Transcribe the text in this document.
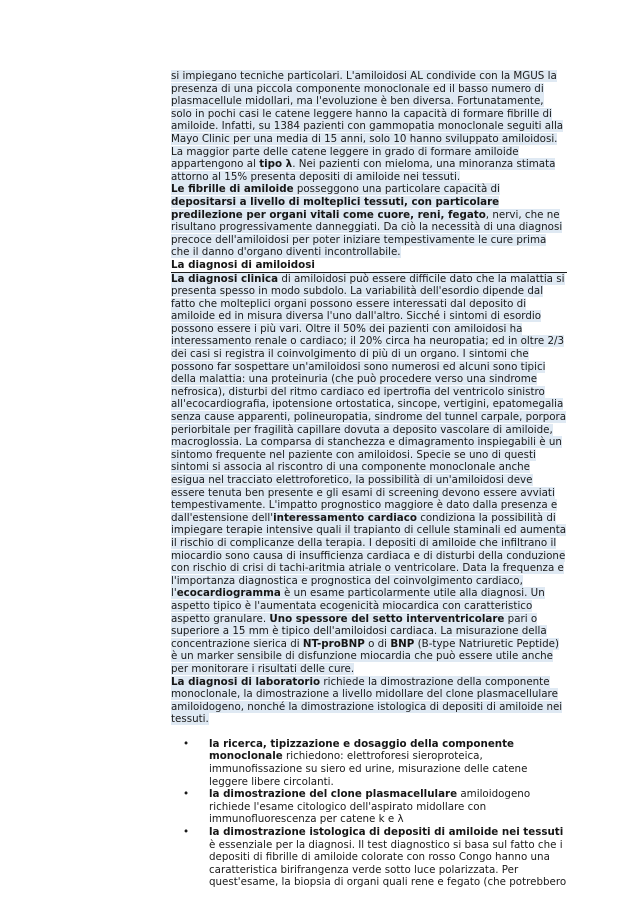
si impiegano tecniche particolari. L'amiloidosi AL condivide con la MGUS la presenza di una piccola componente monoclonale ed il basso numero di plasmacellule midollari, ma l'evoluzione è ben diversa. Fortunatamente, solo in pochi casi le catene leggere hanno la capacità di formare fibrille di amiloide. Infatti, su 1384 pazienti con gammopatia monoclonale seguiti alla Mayo Clinic per una media di 15 anni, solo 10 hanno sviluppato amiloidosi. La maggior parte delle catene leggere in grado di formare amiloide appartengono al tipo λ. Nei pazienti con mieloma, una minoranza stimata attorno al 15% presenta depositi di amiloide nei tessuti.

Le fibrille di amiloide posseggono una particolare capacità di depositarsi a livello di molteplici tessuti, con particolare predilezione per organi vitali come cuore, reni, fegato, nervi, che ne risultano progressivamente danneggiati. Da ciò la necessità di una diagnosi precoce dell'amiloidosi per poter iniziare tempestivamente le cure prima che il danno d'organo diventi incontrollabile.

La diagnosi di amiloidosi

La diagnosi clinica di amiloidosi può essere difficile dato che la malattia si presenta spesso in modo subdolo. La variabilità dell'esordio dipende dal fatto che molteplici organi possono essere interessati dal deposito di amiloide ed in misura diversa l'uno dall'altro. Sicché i sintomi di esordio possono essere i più vari. Oltre il 50% dei pazienti con amiloidosi ha interessamento renale o cardiaco; il 20% circa ha neuropatia; ed in oltre 2/3 dei casi si registra il coinvolgimento di più di un organo. I sintomi che possono far sospettare un'amiloidosi sono numerosi ed alcuni sono tipici della malattia: una proteinuria (che può procedere verso una sindrome nefrosica), disturbi del ritmo cardiaco ed ipertrofia del ventricolo sinistro all'ecocardiografia, ipotensione ortostatica, sincope, vertigini, epatomegalia senza cause apparenti, polineuropatia, sindrome del tunnel carpale, porpora periorbitale per fragilità capillare dovuta a deposito vascolare di amiloide, macroglossia. La comparsa di stanchezza e dimagramento inspiegabili è un sintomo frequente nel paziente con amiloidosi. Specie se uno di questi sintomi si associa al riscontro di una componente monoclonale anche esigua nel tracciato elettroforetico, la possibilità di un'amiloidosi deve essere tenuta ben presente e gli esami di screening devono essere avviati tempestivamente. L'impatto prognostico maggiore è dato dalla presenza e dall'estensione dell'interessamento cardiaco condiziona la possibilità di impiegare terapie intensive quali il trapianto di cellule staminali ed aumenta il rischio di complicanze della terapia. I depositi di amiloide che infiltrano il miocardio sono causa di insufficienza cardiaca e di disturbi della conduzione con rischio di crisi di tachi-aritmia atriale o ventricolare. Data la frequenza e l'importanza diagnostica e prognostica del coinvolgimento cardiaco, l'ecocardiogramma è un esame particolarmente utile alla diagnosi. Un aspetto tipico è l'aumentata ecogenicità miocardica con caratteristico aspetto granulare. Uno spessore del setto interventricolare pari o superiore a 15 mm è tipico dell'amiloidosi cardiaca. La misurazione della concentrazione sierica di NT-proBNP o di BNP (B-type Natriuretic Peptide) è un marker sensibile di disfunzione miocardia che può essere utile anche per monitorare i risultati delle cure.

La diagnosi di laboratorio richiede la dimostrazione della componente monoclonale, la dimostrazione a livello midollare del clone plasmacellulare amiloidogeno, nonché la dimostrazione istologica di depositi di amiloide nei tessuti.

• la ricerca, tipizzazione e dosaggio della componente monoclonale richiedono: elettroforesi sieroproteica, immunofissazione su siero ed urine, misurazione delle catene leggere libere circolanti.
• la dimostrazione del clone plasmacellulare amiloidogeno richiede l'esame citologico dell'aspirato midollare con immunofluorescenza per catene k e λ
• la dimostrazione istologica di depositi di amiloide nei tessuti è essenziale per la diagnosi. Il test diagnostico si basa sul fatto che i depositi di fibrille di amiloide colorate con rosso Congo hanno una caratteristica birifrangenza verde sotto luce polarizzata. Per quest'esame, la biopsia di organi quali rene e fegato (che potrebbero
